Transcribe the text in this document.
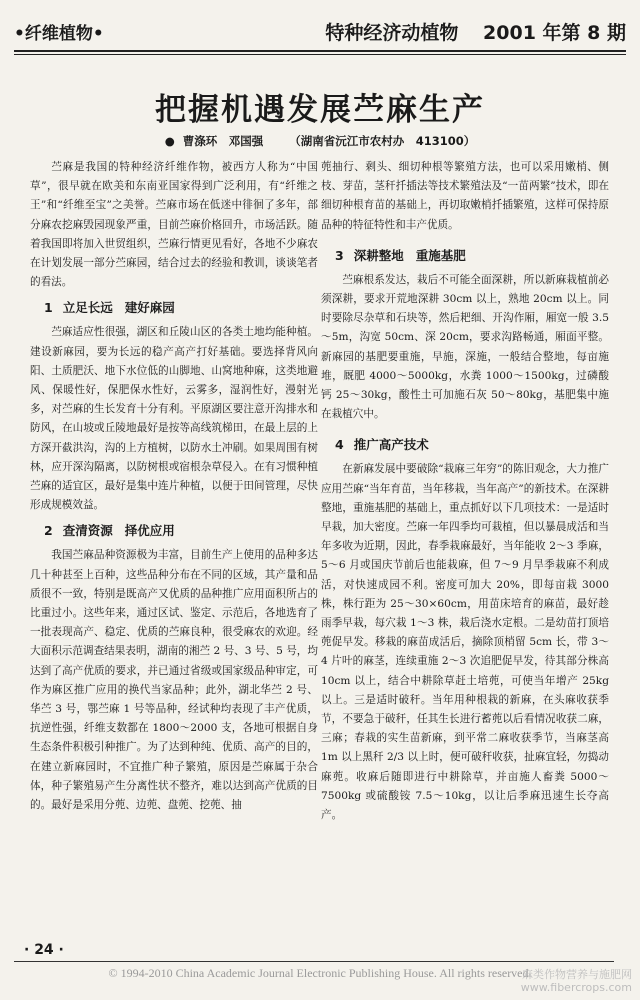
•纤维植物•	特种经济动植物 2001 年第 8 期
把握机遇发展苎麻生产
● 曹涤环　邓国强 （湖南省沅江市农村办　413100）

苎麻是我国的特种经济纤维作物，被西方人称为“中国草”，很早就在欧美和东南亚国家得到广泛利用，有“纤维之王”和“纤维至宝”之美誉。苎麻市场在低迷中徘徊了多年，部分麻农挖麻毁园现象严重，目前苎麻价格回升，市场活跃。随着我国即将加入世贸组织，苎麻行情更见看好，各地不少麻农在计划发展一部分苎麻园，结合过去的经验和教训，谈谈笔者的看法。

1 立足长远 建好麻园

苎麻适应性很强，湖区和丘陵山区的各类土地均能种植。建设新麻园，要为长远的稳产高产打好基础。要选择背风向阳、土质肥沃、地下水位低的山脚地、山窝地种麻，这类地避风、保暖性好，保肥保水性好，云雾多，湿润性好，漫射光多，对苎麻的生长发育十分有利。平原湖区要注意开沟排水和防风，在山坡或丘陵地最好是按等高线筑梯田，在最上层的上方深开截洪沟，沟的上方植树，以防水土冲刷。如果周围有树林，应开深沟隔离，以防树根或宿根杂草侵入。在有习惯种植苎麻的适宜区，最好是集中连片种植，以便于田间管理，尽快形成规模效益。

2 查清资源 择优应用

我国苎麻品种资源极为丰富，目前生产上使用的品种多达几十种甚至上百种，这些品种分布在不同的区域，其产量和品质很不一致，特别是既高产又优质的品种推广应用面积所占的比重过小。这些年来，通过区试、鉴定、示范后，各地选育了一批表现高产、稳定、优质的苎麻良种，很受麻农的欢迎。经大面积示范调查结果表明，湖南的湘苎 2 号、3 号、5 号，均达到了高产优质的要求，并已通过省级或国家级品种审定，可作为麻区推广应用的换代当家品种；此外，湖北华苎 2 号、华苎 3 号，鄂苎麻 1 号等品种，经试种均表现了丰产优质，抗逆性强，纤维支数都在 1800～2000 支，各地可根据自身生态条件积极引种推广。为了达到种纯、优质、高产的目的，在建立新麻园时，不宜推广种子繁殖，原因是苎麻属于杂合体，种子繁殖易产生分离性状不整齐，难以达到高产优质的目的。最好是采用分蔸、边蔸、盘蔸、挖蔸、抽

蔸抽行、剩头、细切种根等繁殖方法，也可以采用嫩梢、侧枝、芽苗，茎秆扦插法等技术繁殖法及“一苗两繁”技术，即在细切种根育苗的基础上，再切取嫩梢扦插繁殖，这样可保持原品种的特征特性和丰产优质。

3 深耕整地 重施基肥

苎麻根系发达，栽后不可能全面深耕，所以新麻栽植前必须深耕，要求开荒地深耕 30cm 以上，熟地 20cm 以上。同时要除尽杂草和石块等，然后耙细、开沟作厢，厢宽一般 3.5～5m，沟宽 50cm、深 20cm，要求沟路畅通，厢面平整。新麻园的基肥要重施，早施，深施，一般结合整地，每亩施堆，厩肥 4000～5000kg，水粪 1000～1500kg，过磷酸钙 25～30kg，酸性土可加施石灰 50～80kg，基肥集中施在栽植穴中。

4 推广高产技术

在新麻发展中要破除“栽麻三年穷”的陈旧观念，大力推广应用苎麻“当年育苗，当年移栽，当年高产”的新技术。在深耕整地，重施基肥的基础上，重点抓好以下几项技术：一是适时早栽，加大密度。苎麻一年四季均可栽植，但以暴晨成活和当年多收为近期，因此，春季栽麻最好，当年能收 2～3 季麻，5～6 月或国庆节前后也能栽麻，但 7～9 月旱季栽麻不利成活，对快速成园不利。密度可加大 20%，即每亩栽 3000 株，株行距为 25～30×60cm，用苗床培育的麻苗，最好趁雨季早栽，每穴栽 1～3 株，栽后浇水定根。二是幼苗打顶培蔸促早发。移栽的麻苗成活后，摘除顶梢留 5cm 长，带 3～4 片叶的麻茎，连续重施 2～3 次追肥促早发，待其部分株高 10cm 以上，结合中耕除草赶土培蔸，可使当年增产 25kg 以上。三是适时破秆。当年用种根栽的新麻，在头麻收获季节，不要急于破秆，任其生长进行蓄蔸以后看情况收获二麻，三麻；春栽的实生苗新麻，到平常二麻收获季节，当麻茎高 1m 以上黑秆 2/3 以上时，便可破秆收获，扯麻宜轻，勿捣动麻蔸。收麻后随即进行中耕除草，并亩施人畜粪 5000～7500kg 或硫酸铵 7.5～10kg，以让后季麻迅速生长夺高产。

· 24 ·
© 1994-2010 China Academic Journal Electronic Publishing House. All rights reserved.
麻类作物营养与施肥网
www.fibercrops.com
